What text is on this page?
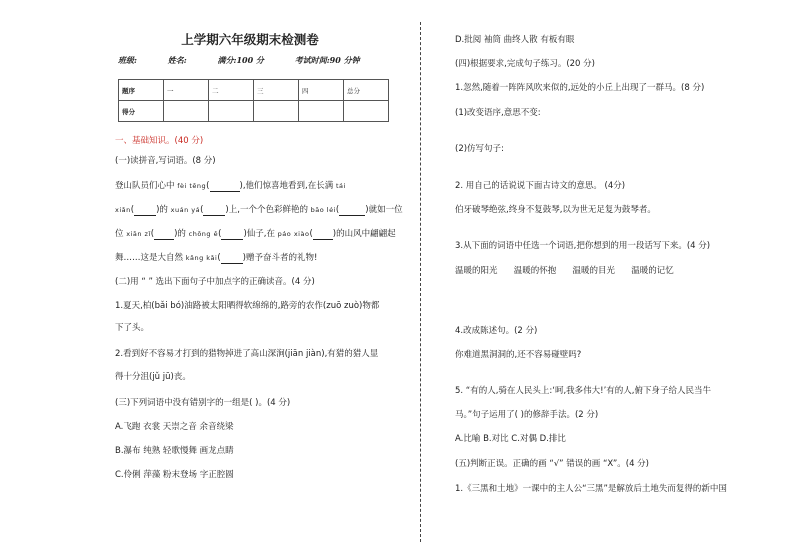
上学期六年级期末检测卷
班级:	姓名:	满分:100 分	考试时间:90 分钟
题序	一	二	三	四	总分
得分					
一、基础知识。(40 分)
(一)读拼音,写词语。(8 分)
登山队员们心中 fèi tēng(	),他们惊喜地看到,在长满 tái
xiǎn(	)的 xuán yá(	)上,一个个色彩鲜艳的 bāo léi(	)就如一位
位 xiān zǐ( )的 chōng ě(	)仙子,在 páo xiào( )的山风中翩翩起
舞……这是大自然 kǎng kǎi(	)赠予奋斗者的礼物!
(二)用 “ ” 选出下面句子中加点字的正确读音。(4 分)
1.夏天,柏(bǎi bó)油路被太阳晒得软绵绵的,路旁的农作(zuō zuò)物都
下了头。
2.看到好不容易才打到的猎物掉进了高山深涧(jiān jiàn),有猎的猎人显
得十分沮(jǔ jū)丧。
(三)下列词语中没有错别字的一组是( )。(4 分)
A.飞跑 衣裳 天崇之音 余音绕梁
B.瀑布 纯熟 轻歌慢舞 画龙点睛
C.伶俐 萍藻 粉末登场 字正腔圆
D.批阅 袖筒 曲终人散 有板有眼
(四)根据要求,完成句子练习。(20 分)
1.忽然,随着一阵阵风吹来似的,远处的小丘上出现了一群马。(8 分)
(1)改变语序,意思不变:
(2)仿写句子:
2. 用自己的话说说下面古诗文的意思。 (4分)
伯牙破琴绝弦,终身不复鼓琴,以为世无足复为鼓琴者。
3.从下面的词语中任选一个词语,把你想到的用一段话写下来。(4 分)
温暖的阳光 温暖的怀抱 温暖的目光 温暖的记忆
4.改成陈述句。(2 分)
你难道黑洞洞的,还不容易碰壁吗?
5. “有的人,骑在人民头上:‘呵,我多伟大!’有的人,俯下身子给人民当牛
马。”句子运用了( )的修辞手法。(2 分)
A.比喻 B.对比 C.对偶 D.排比
(五)判断正误。正确的画 “√” 错误的画 “X”。(4 分)
1.《三黑和土地》一课中的主人公“三黑”是解放后土地失而复得的新中国
